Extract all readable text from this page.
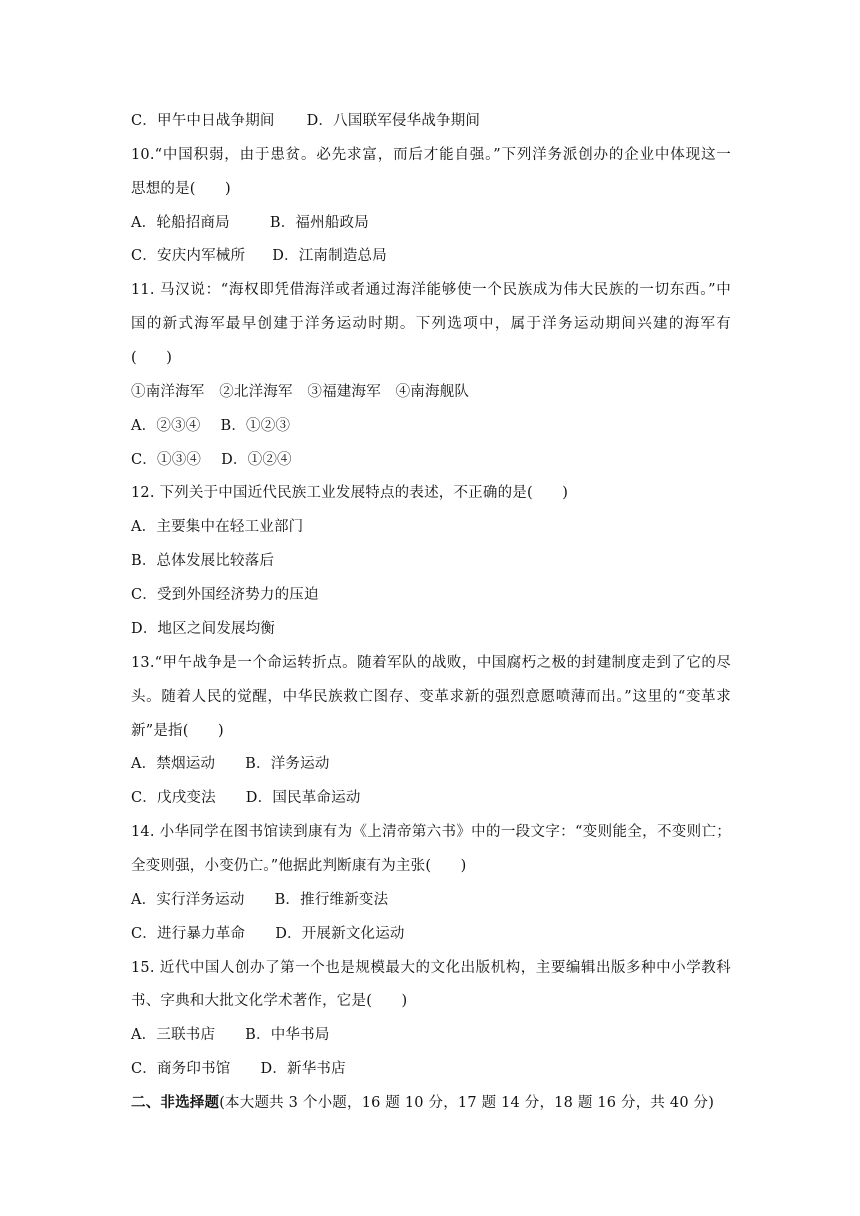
C．甲午中日战争期间 D．八国联军侵华战争期间
10.“中国积弱，由于患贫。必先求富，而后才能自强。”下列洋务派创办的企业中体现这一
思想的是(　　)
A．轮船招商局	B．福州船政局
C．安庆内军械所 D．江南制造总局
11. 马汉说：“海权即凭借海洋或者通过海洋能够使一个民族成为伟大民族的一切东西。”中
国的新式海军最早创建于洋务运动时期。下列选项中，属于洋务运动期间兴建的海军有
(　　)
①南洋海军　②北洋海军　③福建海军　④南海舰队
A．②③④ B．①②③
C．①③④ D．①②④
12. 下列关于中国近代民族工业发展特点的表述，不正确的是(　　)
A．主要集中在轻工业部门
B．总体发展比较落后
C．受到外国经济势力的压迫
D．地区之间发展均衡
13.“甲午战争是一个命运转折点。随着军队的战败，中国腐朽之极的封建制度走到了它的尽
头。随着人民的觉醒，中华民族救亡图存、变革求新的强烈意愿喷薄而出。”这里的“变革求
新”是指(　　)
A．禁烟运动 B．洋务运动
C．戊戌变法 D．国民革命运动
14. 小华同学在图书馆读到康有为《上清帝第六书》中的一段文字：“变则能全，不变则亡；
全变则强，小变仍亡。”他据此判断康有为主张(　　)
A．实行洋务运动 B．推行维新变法
C．进行暴力革命 D．开展新文化运动
15. 近代中国人创办了第一个也是规模最大的文化出版机构，主要编辑出版多种中小学教科
书、字典和大批文化学术著作，它是(　　)
A．三联书店 B．中华书局
C．商务印书馆 D．新华书店
二、非选择题(本大题共 3 个小题，16 题 10 分，17 题 14 分，18 题 16 分，共 40 分)
